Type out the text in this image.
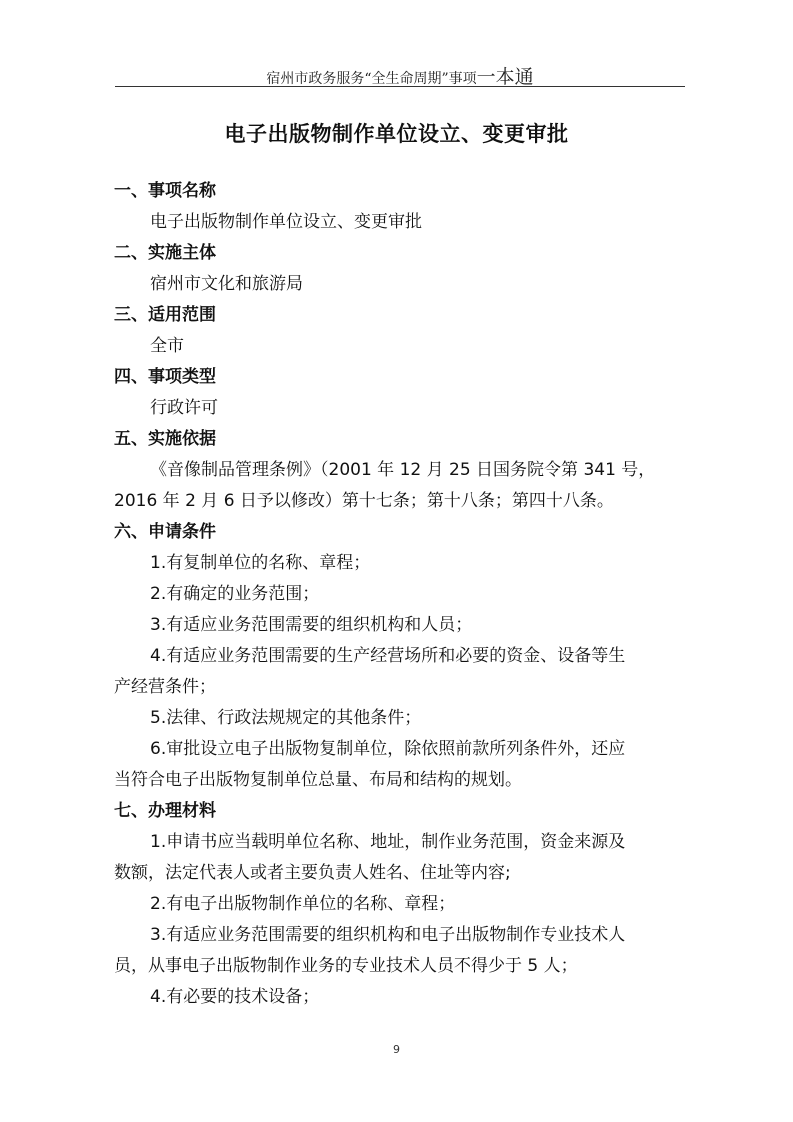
宿州市政务服务“全生命周期”事项一本通
电子出版物制作单位设立、变更审批
一、事项名称
电子出版物制作单位设立、变更审批
二、实施主体
宿州市文化和旅游局
三、适用范围
全市
四、事项类型
行政许可
五、实施依据
《音像制品管理条例》（2001 年 12 月 25 日国务院令第 341 号，
2016 年 2 月 6 日予以修改）第十七条；第十八条；第四十八条。
六、申请条件
1.有复制单位的名称、章程；
2.有确定的业务范围；
3.有适应业务范围需要的组织机构和人员；
4.有适应业务范围需要的生产经营场所和必要的资金、设备等生
产经营条件；
5.法律、行政法规规定的其他条件；
6.审批设立电子出版物复制单位，除依照前款所列条件外，还应
当符合电子出版物复制单位总量、布局和结构的规划。
七、办理材料
1.申请书应当载明单位名称、地址，制作业务范围，资金来源及
数额，法定代表人或者主要负责人姓名、住址等内容;
2.有电子出版物制作单位的名称、章程；
3.有适应业务范围需要的组织机构和电子出版物制作专业技术人
员，从事电子出版物制作业务的专业技术人员不得少于 5 人；
4.有必要的技术设备；
9
